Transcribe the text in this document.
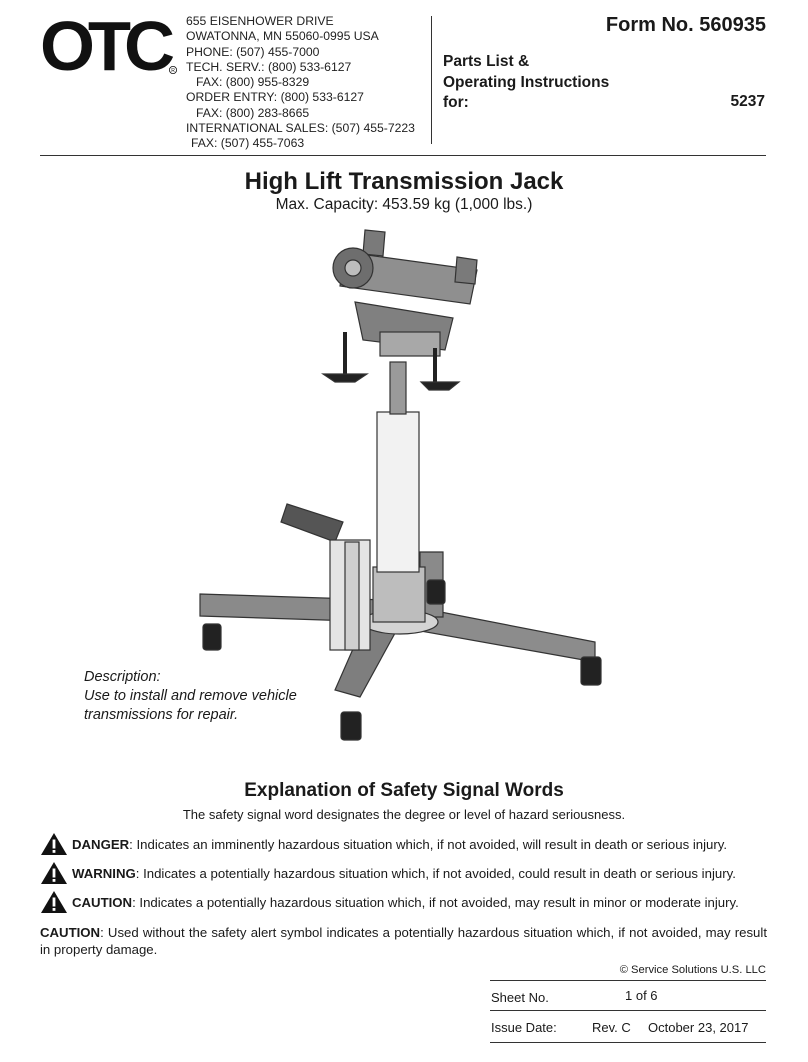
OTC
R
655 EISENHOWER DRIVE
OWATONNA, MN 55060-0995 USA
PHONE: (507) 455-7000
TECH. SERV.: (800) 533-6127
FAX: (800) 955-8329
ORDER ENTRY: (800) 533-6127
FAX: (800) 283-8665
INTERNATIONAL SALES: (507) 455-7223
FAX: (507) 455-7063
Form No. 560935
Parts List &
Operating Instructions
for:	5237
High Lift Transmission Jack
Max. Capacity: 453.59 kg (1,000 lbs.)
Description:
Use to install and remove vehicle
transmissions for repair.
Explanation of Safety Signal Words
The safety signal word designates the degree or level of hazard seriousness.
DANGER : Indicates an imminently hazardous situation which, if not avoided, will result in death or serious injury.
WARNING : Indicates a potentially hazardous situation which, if not avoided, could result in death or serious injury.
CAUTION : Indicates a potentially hazardous situation which, if not avoided, may result in minor or moderate injury.
CAUTION: Used without the safety alert symbol indicates a potentially hazardous situation which, if not avoided, may result in property damage.
© Service Solutions U.S. LLC
Sheet No.	1 of 6
Issue Date:	Rev. C October 23, 2017
